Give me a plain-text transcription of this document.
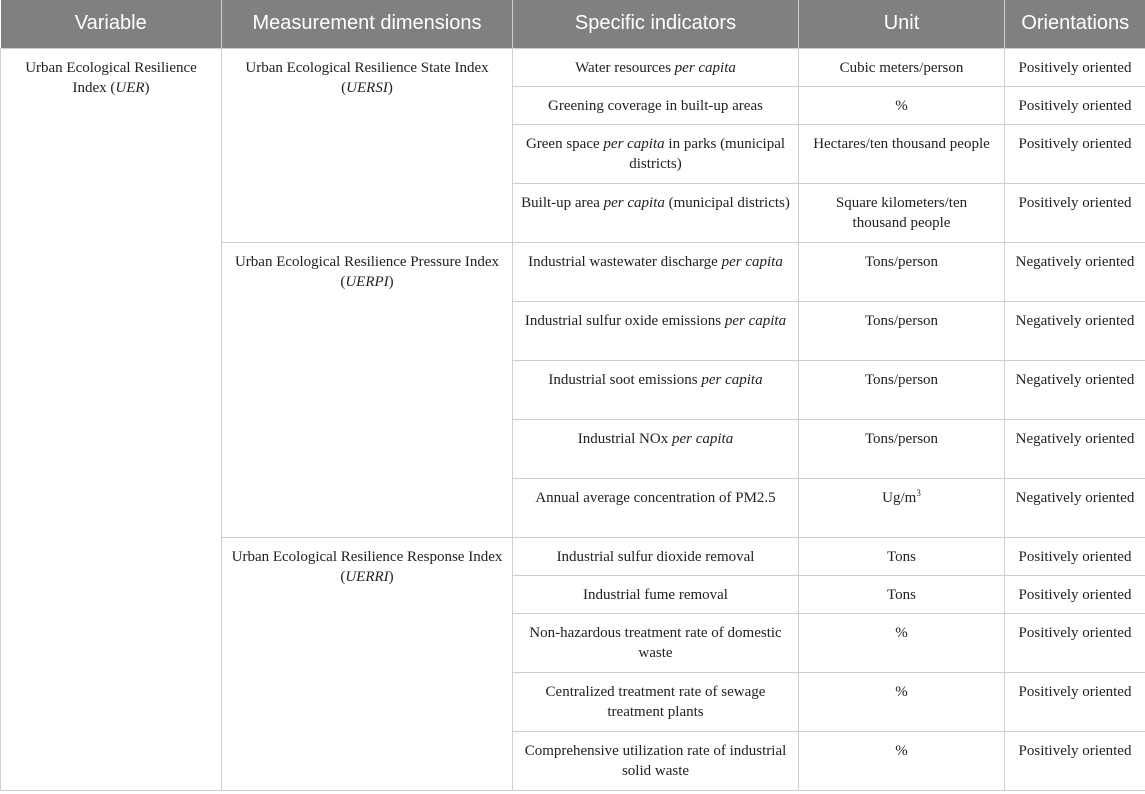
Variable	Measurement dimensions	Specific indicators	Unit	Orientations
Urban Ecological Resilience Index (UER)	Urban Ecological Resilience State Index (UERSI)	Water resources per capita	Cubic meters/person	Positively oriented
		Greening coverage in built-up areas	%	Positively oriented
		Green space per capita in parks (municipal districts)	Hectares/ten thousand people	Positively oriented
		Built-up area per capita (municipal districts)	Square kilometers/ten thousand people	Positively oriented
	Urban Ecological Resilience Pressure Index (UERPI)	Industrial wastewater discharge per capita	Tons/person	Negatively oriented
		Industrial sulfur oxide emissions per capita	Tons/person	Negatively oriented
		Industrial soot emissions per capita	Tons/person	Negatively oriented
		Industrial NOx per capita	Tons/person	Negatively oriented
		Annual average concentration of PM2.5	$Ug/m^3$	Negatively oriented
	Urban Ecological Resilience Response Index (UERRI)	Industrial sulfur dioxide removal	Tons	Positively oriented
		Industrial fume removal	Tons	Positively oriented
		Non-hazardous treatment rate of domestic waste	%	Positively oriented
		Centralized treatment rate of sewage treatment plants	%	Positively oriented
		Comprehensive utilization rate of industrial solid waste	%	Positively oriented
